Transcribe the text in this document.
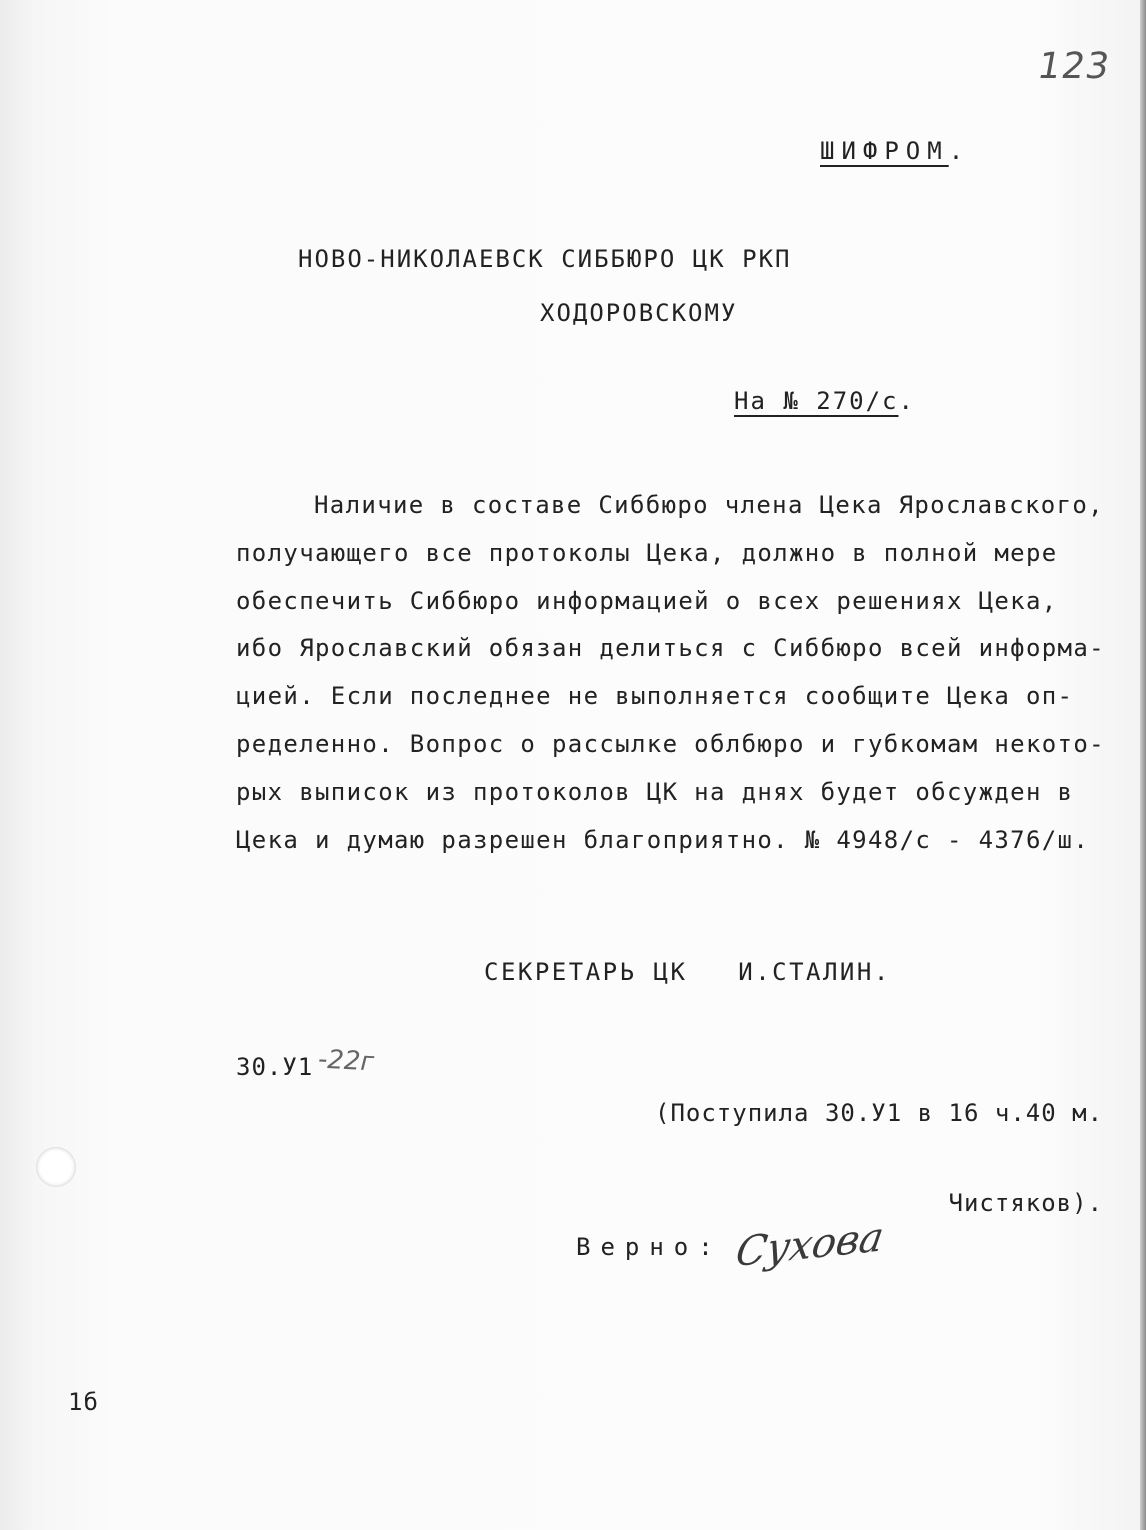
123

ШИФРОМ.

НОВО-НИКОЛАЕВСК СИББЮРО ЦК РКП

ХОДОРОВСКОМУ

На № 270/с.

Наличие в составе Сиббюро члена Цека Ярославского,
получающего все протоколы Цека, должно в полной мере
обеспечить Сиббюро информацией о всех решениях Цека,
ибо Ярославский обязан делиться с Сиббюро всей информа-
цией. Если последнее не выполняется сообщите Цека оп-
ределенно. Вопрос о рассылке облбюро и губкомам некото-
рых выписок из протоколов ЦК на днях будет обсужден в
Цека и думаю разрешен благоприятно. № 4948/с - 4376/ш.

СЕКРЕТАРЬ ЦК   И.СТАЛИН.

30.У1 -22г

(Поступила 30.У1 в 16 ч.40 м.

Чистяков).

Верно: Сухова

1б
